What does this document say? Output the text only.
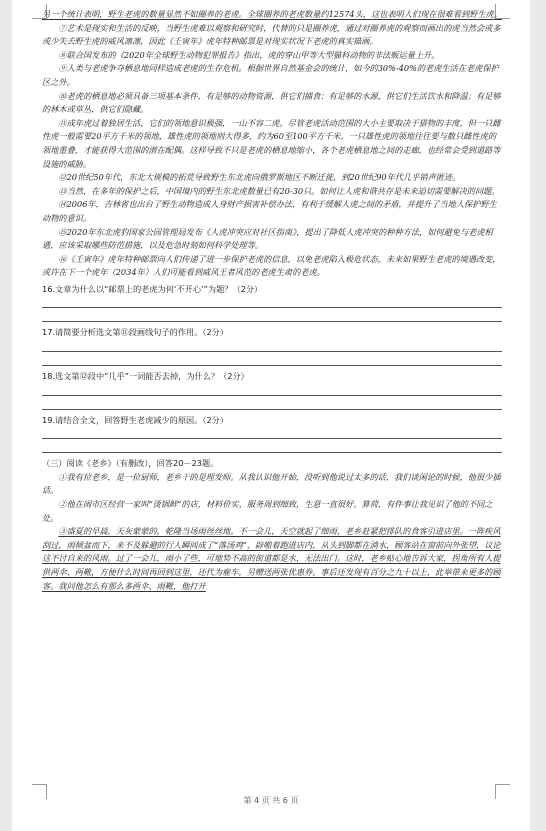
另一个统计表明，野生老虎的数量显然不如圈养的老虎。全球圈养的老虎数量约12574头，这也表明人们现在很难看到野生虎。

⑦艺术是现实和生活的反映，当野生虎难以观察和研究时，代替的只是圈养虎，通过对圈养虎的观察而画出的虎当然会或多或少失去野生虎的威风凛凛，因此《壬寅年》虎年特种邮票是对现实状况下老虎的真实描画。

⑧联合国发布的《2020年全球野生动物犯罪报告》指出，虎的穿山甲等大型猫科动物的非法贩运量上升。

⑨人类与老虎争夺栖息地同样造成老虎的生存危机。根据世界自然基金会的统计，如今的30%-40%的老虎生活在老虎保护区之外。

⑩老虎的栖息地必须具备三项基本条件，有足够的动物资源，供它们捕食；有足够的水源，供它们生活饮水和降温；有足够的林木或草丛，供它们隐藏。

⑪成年虎过着独居生活，它们的领地意识极强，一山不容二虎。尽管老虎活动范围的大小主要取决于猎物的丰度，但一只雌性虎一般需要20平方千米的领地，雄性虎的领地则大得多，约为60至100平方千米。一只雄性虎的领地往往要与数只雌性虎的领地重叠，才能获得大范围的潜在配偶。这样导致不只是老虎的栖息地缩小，各个老虎栖息地之间的走廊，也经常会受到道路等设施的威胁。

⑫20世纪50年代，东北大规模的拓荒导致野生东北虎向俄罗斯地区不断迁徙，到20世纪90年代几乎销声匿迹。

⑬当然，在多年的保护之后，中国境内的野生东北虎数量已有20-30只。如何让人虎和谐共存是未来迫切需要解决的问题。

⑭2006年，吉林省也出台了野生动物造成人身财产损害补偿办法，有利于缓解人虎之间的矛盾，并提升了当地人保护野生动物的意识。

⑮2020年东北虎豹国家公园管理局发布《人虎冲突应对社区指南》，提出了降低人虎冲突的种种方法，如何避免与老虎相遇，应该采取哪些防范措施，以及危急时刻如何科学处理等。

⑯《壬寅年》虎年特种邮票向人们传递了进一步保护老虎的信息，以免老虎陷入极危状态，未来如果野生老虎的境遇改变，或许在下一个虎年（2034年）人们可能看到威风王者风范的老虎生肃的老虎。

16.文章为什么以“邮票上的老虎为何‘不开心’”为题？（2分）

17.请简要分析选文第⑪段画线句子的作用。（2分）

18.选文第⑫段中“几乎”一词能否去掉，为什么？（2分）

19.请结合全文，回答野生老虎减少的原因。（2分）

（三）阅读《老乡》（有删改），回答20－23题。

①我有位老乡，是一位厨师，老乡干的是理发师。从我认识他开始，没听到他说过太多的话，我们谈闲论的时候，他很少插话。

②他在闹市区经营一家叫“烫锅鲜”的店，材料价实，服务周到细致，生意一直很好。算荷，有件事让我见识了他的不同之处。

③盛夏的早晨，天灰蒙蒙的，乾隆当场雨丝丝地。不一会儿，天空就起了细雨，老乡赶紧把排队的食客引进店里。一阵疾风刮过，雨倾盆而下，来不及躲避的行人瞬间成了“落汤鸡”，辟啪着跑进店内，从头到脚都在淌水，顾客站在窗前向外张望，议论这不讨自来的风雨。过了一会儿，雨小了些，可地势不高的街道都是水，无法出门。这时，老乡贴心地告诉大家，拐角所有人提供两伞、两靴，方便什么时间再回到这里，还代为雇车，另赠送两张优惠券。事后还发现有百分之九十以上，此举带来更多的顾客。我问他怎么有那么多两伞、雨靴，他打开

第 4 页 共 6 页
